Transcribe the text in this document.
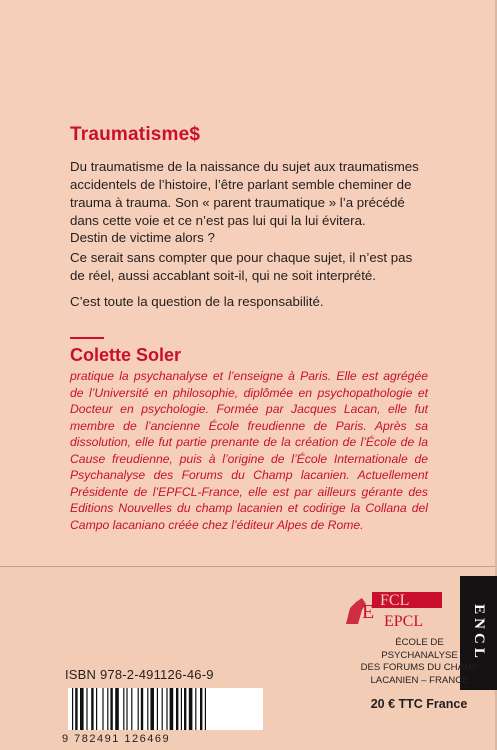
Traumatisme$

Du traumatisme de la naissance du sujet aux traumatismes accidentels de l’histoire, l’être parlant semble cheminer de trauma à trauma. Son « parent traumatique » l’a précédé dans cette voie et ce n’est pas lui qui la lui évitera.

Destin de victime alors ?

Ce serait sans compter que pour chaque sujet, il n’est pas de réel, aussi accablant soit-il, qui ne soit interprété.

C’est toute la question de la responsabilité.

Colette Soler

pratique la psychanalyse et l’enseigne à Paris. Elle est agrégée de l’Université en philosophie, diplômée en psychopathologie et Docteur en psychologie. Formée par Jacques Lacan, elle fut membre de l’ancienne École freudienne de Paris. Après sa dissolution, elle fut partie prenante de la création de l’École de la Cause freudienne, puis à l’origine de l’École Internationale de Psychanalyse des Forums du Champ lacanien. Actuellement Présidente de l’EPFCL-France, elle est par ailleurs gérante des Editions Nouvelles du champ lacanien et codirige la Collana del Campo lacaniano créée chez l’éditeur Alpes de Rome.

ENCL
FCL
EPCL
E
ÉCOLE DE PSYCHANALYSE
DES FORUMS DU CHAMP
LACANIEN – FRANCE
20 € TTC France
ISBN 978-2-491126-46-9
9 782491 126469
